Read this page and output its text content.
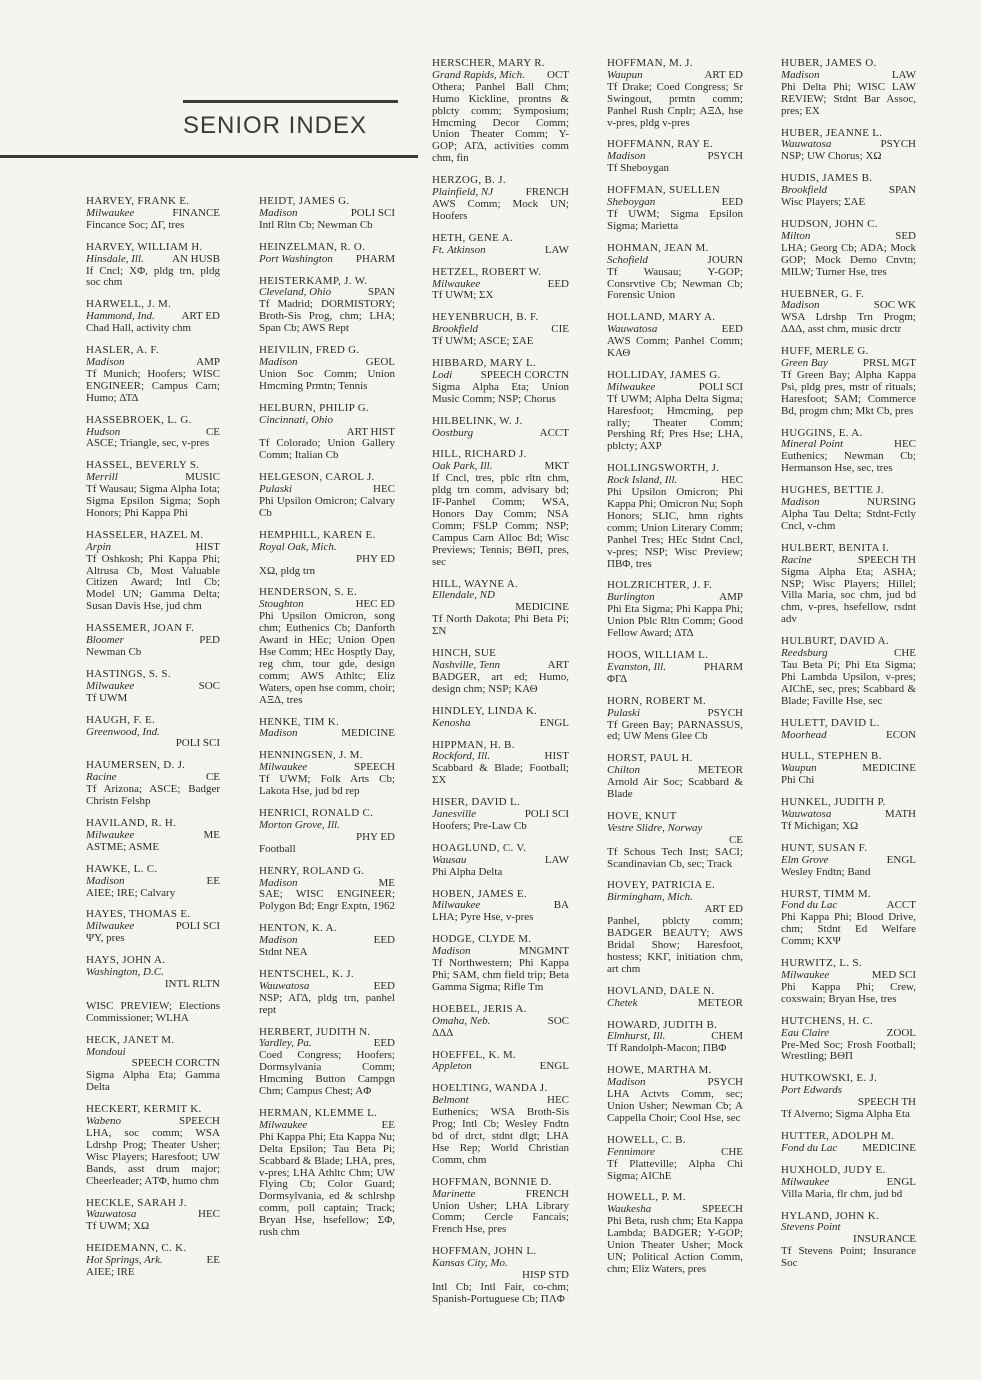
SENIOR INDEX
HARVEY, FRANK E.
Milwaukee	FINANCE
Fincance Soc; ΔΓ, tres
HARVEY, WILLIAM H.
Hinsdale, Ill.	AN HUSB
If Cncl; XΦ, pldg trn, pldg soc chm
HARWELL, J. M.
Hammond, Ind. ART ED
Chad Hall, activity chm
HASLER, A. F.
Madison	AMP
Tf Munich; Hoofers; WISC ENGINEER; Campus Carn; Humo; ΔΤΔ
HASSEBROEK, L. G.
Hudson	CE
ASCE; Triangle, sec, v-pres
HASSEL, BEVERLY S.
Merrill	MUSIC
Tf Wausau; Sigma Alpha Iota; Sigma Epsilon Sigma; Soph Honors; Phi Kappa Phi
HASSELER, HAZEL M.
Arpin	HIST
Tf Oshkosh; Phi Kappa Phi; Altrusa Cb, Most Valuable Citizen Award; Intl Cb; Model UN; Gamma Delta; Susan Davis Hse, jud chm
HASSEMER, JOAN F.
Bloomer	PED
Newman Cb
HASTINGS, S. S.
Milwaukee	SOC
Tf UWM
HAUGH, F. E.
Greenwood, Ind.
POLI SCI
HAUMERSEN, D. J.
Racine	CE
Tf Arizona; ASCE; Badger Christn Felshp
HAVILAND, R. H.
Milwaukee	ME
ASTME; ASME
HAWKE, L. C.
Madison	EE
AIEE; IRE; Calvary
HAYES, THOMAS E.
Milwaukee	POLI SCI
ΨΥ, pres
HAYS, JOHN A.
Washington, D.C.
INTL RLTN
WISC PREVIEW; Elections Commissioner; WLHA
HECK, JANET M.
Mondoui
SPEECH CORCTN
Sigma Alpha Eta; Gamma Delta
HECKERT, KERMIT K.
Wabeno	SPEECH
LHA, soc comm; WSA Ldrshp Prog; Theater Usher; Wisc Players; Haresfoot; UW Bands, asst drum major; Cheerleader; AΤΦ, humo chm
HECKLE, SARAH J.
Wauwatosa	HEC
Tf UWM; XΩ
HEIDEMANN, C. K.
Hot Springs, Ark.	EE
AIEE; IRE
HEIDT, JAMES G.
Madison	POLI SCI
Intl Rltn Cb; Newman Cb
HEINZELMAN, R. O.
Port Washington PHARM
HEISTERKAMP, J. W.
Cleveland, Ohio	SPAN
Tf Madrid; DORMISTORY; Broth-Sis Prog, chm; LHA; Span Cb; AWS Rept
HEIVILIN, FRED G.
Madison	GEOL
Union Soc Comm; Union Hmcming Prmtn; Tennis
HELBURN, PHILIP G.
Cincinnati, Ohio
ART HIST
Tf Colorado; Union Gallery Comm; Italian Cb
HELGESON, CAROL J.
Pulaski	HEC
Phi Upsilon Omicron; Calvary Cb
HEMPHILL, KAREN E.
Royal Oak, Mich.
PHY ED
XΩ, pldg trn
HENDERSON, S. E.
Stoughton	HEC ED
Phi Upsilon Omicron, song chm; Euthenics Cb; Danforth Award in HEc; Union Open Hse Comm; HEc Hosptly Day, reg chm, tour gde, design comm; AWS Athltc; Eliz Waters, open hse comm, choir; ΑΞΔ, tres
HENKE, TIM K.
Madison	MEDICINE
HENNINGSEN, J. M.
Milwaukee	SPEECH
Tf UWM; Folk Arts Cb; Lakota Hse, jud bd rep
HENRICI, RONALD C.
Morton Grove, Ill.
PHY ED
Football
HENRY, ROLAND G.
Madison	ME
SAE; WISC ENGINEER; Polygon Bd; Engr Exptn, 1962
HENTON, K. A.
Madison	EED
Stdnt NEA
HENTSCHEL, K. J.
Wauwatosa	EED
NSP; AΓΔ, pldg trn, panhel rept
HERBERT, JUDITH N.
Yardley, Pa.	EED
Coed Congress; Hoofers; Dormsylvania Comm; Hmcming Button Campgn Chm; Campus Chest; AΦ
HERMAN, KLEMME L.
Milwaukee	EE
Phi Kappa Phi; Eta Kappa Nu; Delta Epsilon; Tau Beta Pi; Scabbard & Blade; LHA, pres, v-pres; LHA Athltc Chm; UW Flying Cb; Color Guard; Dormsylvania, ed & schlrshp comm, poll captain; Track; Bryan Hse, hsefellow; ΣΦ, rush chm
HERSCHER, MARY R.
Grand Rapids, Mich. OCT
Othera; Panhel Ball Chm; Humo Kickline, prontns & pblcty comm; Symposium; Hmcming Decor Comm; Union Theater Comm; Y-GOP; AΓΔ, activities comm chm, fin
HERZOG, B. J.
Plainfield, NJ	FRENCH
AWS Comm; Mock UN; Hoofers
HETH, GENE A.
Ft. Atkinson	LAW
HETZEL, ROBERT W.
Milwaukee	EED
Tf UWM; ΣX
HEYENBRUCH, B. F.
Brookfield	CIE
Tf UWM; ASCE; ΣΑΕ
HIBBARD, MARY L.
Lodi	SPEECH CORCTN
Sigma Alpha Eta; Union Music Comm; NSP; Chorus
HILBELINK, W. J.
Oostburg	ACCT
HILL, RICHARD J.
Oak Park, Ill.	MKT
If Cncl, tres, pblc rltn chm, pldg trn comm, advisary bd; IF-Panhel Comm; WSA, Honors Day Comm; NSA Comm; FSLP Comm; NSP; Campus Carn Alloc Bd; Wisc Previews; Tennis; ΒΘΠ, pres, sec
HILL, WAYNE A.
Ellendale, ND
MEDICINE
Tf North Dakota; Phi Beta Pi; ΣΝ
HINCH, SUE
Nashville, Tenn	ART
BADGER, art ed; Humo, design chm; NSP; ΚΑΘ
HINDLEY, LINDA K.
Kenosha	ENGL
HIPPMAN, H. B.
Rockford, Ill.	HIST
Scabbard & Blade; Football; ΣΧ
HISER, DAVID L.
Janesville	POLI SCI
Hoofers; Pre-Law Cb
HOAGLUND, C. V.
Wausau	LAW
Phi Alpha Delta
HOBEN, JAMES E.
Milwaukee	BA
LHA; Pyre Hse, v-pres
HODGE, CLYDE M.
Madison	MNGMNT
Tf Northwestern; Phi Kappa Phi; SAM, chm field trip; Beta Gamma Sigma; Rifle Tm
HOEBEL, JERIS A.
Omaha, Neb.	SOC
ΔΔΔ
HOEFFEL, K. M.
Appleton	ENGL
HOELTING, WANDA J.
Belmont	HEC
Euthenics; WSA Broth-Sis Prog; Intl Cb; Wesley Fndtn bd of drct, stdnt dlgt; LHA Hse Rep; World Christian Comm, chm
HOFFMAN, BONNIE D.
Marinette	FRENCH
Union Usher; LHA Library Comm; Cercle Fancais; French Hse, pres
HOFFMAN, JOHN L.
Kansas City, Mo.
HISP STD
Intl Cb; Intl Fair, co-chm; Spanish-Portuguese Cb; ΠΛΦ
HOFFMAN, M. J.
Waupun	ART ED
Tf Drake; Coed Congress; Sr Swingout, prmtn comm; Panhel Rush Cnplr; ΑΞΔ, hse v-pres, pldg v-pres
HOFFMANN, RAY E.
Madison	PSYCH
Tf Sheboygan
HOFFMAN, SUELLEN
Sheboygan	EED
Tf UWM; Sigma Epsilon Sigma; Marietta
HOHMAN, JEAN M.
Schofield	JOURN
Tf Wausau; Y-GOP; Consrvtive Cb; Newman Cb; Forensic Union
HOLLAND, MARY A.
Wauwatosa	EED
AWS Comm; Panhel Comm; ΚΑΘ
HOLLIDAY, JAMES G.
Milwaukee	POLI SCI
Tf UWM; Alpha Delta Sigma; Haresfoot; Hmcming, pep rally; Theater Comm; Pershing Rf; Pres Hse; LHA, pblcty; AXP
HOLLINGSWORTH, J.
Rock Island, Ill.	HEC
Phi Upsilon Omicron; Phi Kappa Phi; Omicron Nu; Soph Honors; SLIC, hmn rights comm; Union Literary Comm; Panhel Tres; HEc Stdnt Cncl, v-pres; NSP; Wisc Preview; ΠΒΦ, tres
HOLZRICHTER, J. F.
Burlington	AMP
Phi Eta Sigma; Phi Kappa Phi; Union Pblc Rltn Comm; Good Fellow Award; ΔΤΔ
HOOS, WILLIAM L.
Evanston, Ill.	PHARM
ΦΓΔ
HORN, ROBERT M.
Pulaski	PSYCH
Tf Green Bay; PARNASSUS, ed; UW Mens Glee Cb
HORST, PAUL H.
Chilton	METEOR
Arnold Air Soc; Scabbard & Blade
HOVE, KNUT
Vestre Slidre, Norway
CE
Tf Schous Tech Inst; SACI; Scandinavian Cb, sec; Track
HOVEY, PATRICIA E.
Birmingham, Mich.
ART ED
Panhel, pblcty comm; BADGER BEAUTY; AWS Bridal Show; Haresfoot, hostess; ΚΚΓ, initiation chm, art chm
HOVLAND, DALE N.
Chetek	METEOR
HOWARD, JUDITH B.
Elmhurst, Ill.	CHEM
Tf Randolph-Macon; ΠΒΦ
HOWE, MARTHA M.
Madison	PSYCH
LHA Actvts Comm, sec; Union Usher; Newman Cb; A Cappella Choir; Cool Hse, sec
HOWELL, C. B.
Fennimore	CHE
Tf Platteville; Alpha Chi Sigma; AIChE
HOWELL, P. M.
Waukesha	SPEECH
Phi Beta, rush chm; Eta Kappa Lambda; BADGER; Y-GOP; Union Theater Usher; Mock UN; Political Action Comm, chm; Eliz Waters, pres
HUBER, JAMES O.
Madison	LAW
Phi Delta Phi; WISC LAW REVIEW; Stdnt Bar Assoc, pres; ΕΧ
HUBER, JEANNE L.
Wauwatosa	PSYCH
NSP; UW Chorus; XΩ
HUDIS, JAMES B.
Brookfield	SPAN
Wisc Players; ΣΑΕ
HUDSON, JOHN C.
Milton	SED
LHA; Georg Cb; ADA; Mock GOP; Mock Demo Cnvtn; MILW; Turner Hse, tres
HUEBNER, G. F.
Madison	SOC WK
WSA Ldrshp Trn Progm; ΔΔΔ, asst chm, music drctr
HUFF, MERLE G.
Green Bay	PRSL MGT
Tf Green Bay; Alpha Kappa Psi, pldg pres, mstr of rituals; Haresfoot; SAM; Commerce Bd, progm chm; Mkt Cb, pres
HUGGINS, E. A.
Mineral Point	HEC
Euthenics; Newman Cb; Hermanson Hse, sec, tres
HUGHES, BETTIE J.
Madison	NURSING
Alpha Tau Delta; Stdnt-Fctly Cncl, v-chm
HULBERT, BENITA I.
Racine	SPEECH TH
Sigma Alpha Eta; ASHA; NSP; Wisc Players; Hillel; Villa Maria, soc chm, jud bd chm, v-pres, hsefellow, rsdnt adv
HULBURT, DAVID A.
Reedsburg	CHE
Tau Beta Pi; Phi Eta Sigma; Phi Lambda Upsilon, v-pres; AIChE, sec, pres; Scabbard & Blade; Faville Hse, sec
HULETT, DAVID L.
Moorhead	ECON
HULL, STEPHEN B.
Waupun	MEDICINE
Phi Chi
HUNKEL, JUDITH P.
Wauwatosa	MATH
Tf Michigan; XΩ
HUNT, SUSAN F.
Elm Grove	ENGL
Wesley Fndtn; Band
HURST, TIMM M.
Fond du Lac	ACCT
Phi Kappa Phi; Blood Drive, chm; Stdnt Ed Welfare Comm; ΚΧΨ
HURWITZ, L. S.
Milwaukee	MED SCI
Phi Kappa Phi; Crew, coxswain; Bryan Hse, tres
HUTCHENS, H. C.
Eau Claire	ZOOL
Pre-Med Soc; Frosh Football; Wrestling; ΒΘΠ
HUTKOWSKI, E. J.
Port Edwards
SPEECH TH
Tf Alverno; Sigma Alpha Eta
HUTTER, ADOLPH M.
Fond du Lac MEDICINE
HUXHOLD, JUDY E.
Milwaukee	ENGL
Villa Maria, flr chm, jud bd
HYLAND, JOHN K.
Stevens Point
INSURANCE
Tf Stevens Point; Insurance Soc
